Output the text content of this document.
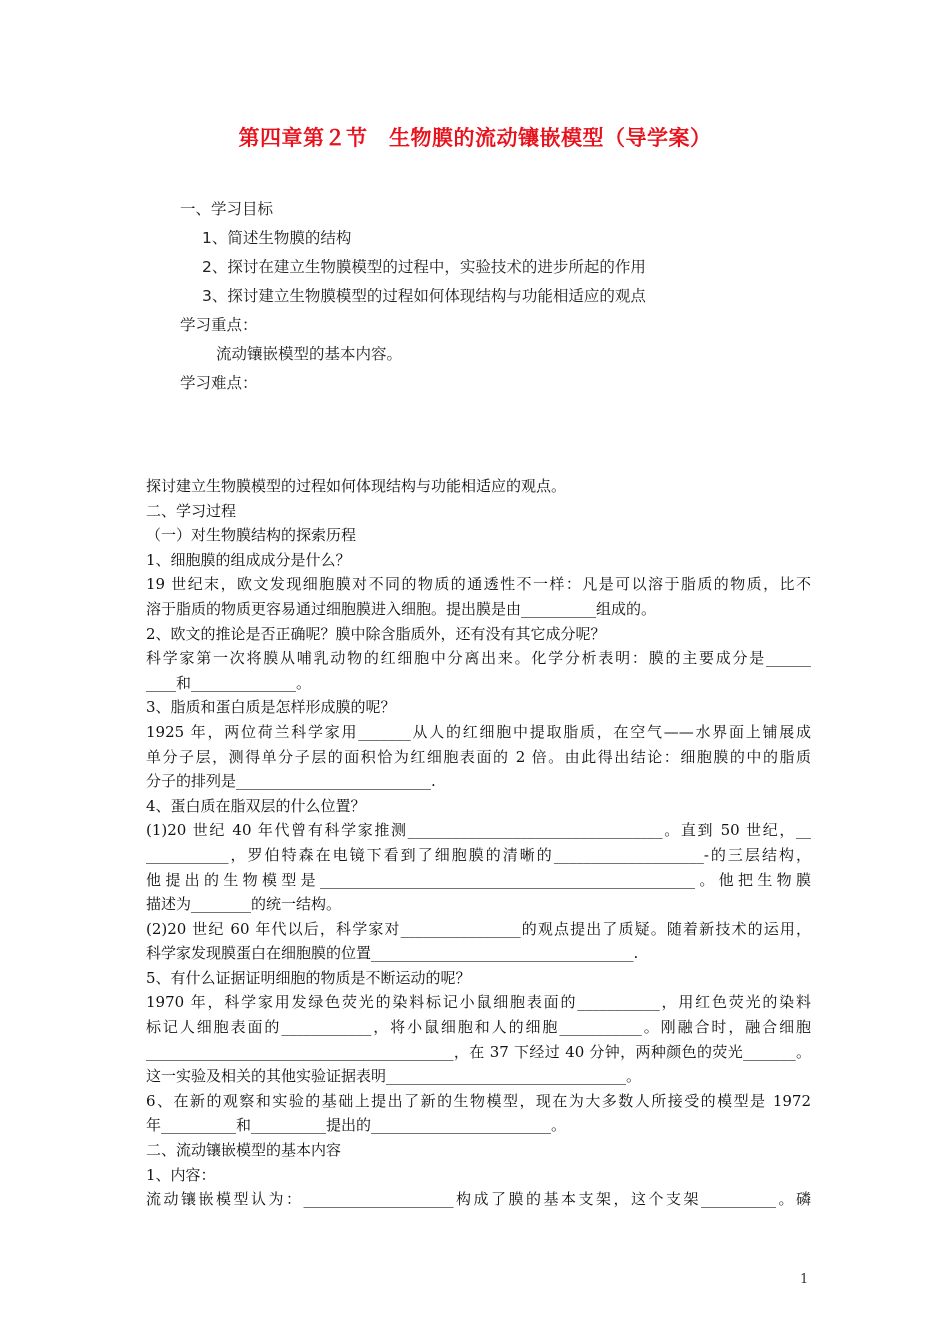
第四章第２节　生物膜的流动镶嵌模型（导学案）
一、学习目标
1、简述生物膜的结构
2、探讨在建立生物膜模型的过程中，实验技术的进步所起的作用
3、探讨建立生物膜模型的过程如何体现结构与功能相适应的观点
学习重点：
流动镶嵌模型的基本内容。
学习难点：
探讨建立生物膜模型的过程如何体现结构与功能相适应的观点。
二、学习过程
（一）对生物膜结构的探索历程
1、细胞膜的组成成分是什么？
19 世纪末，欧文发现细胞膜对不同的物质的通透性不一样：凡是可以溶于脂质的物质，比不
溶于脂质的物质更容易通过细胞膜进入细胞。提出膜是由__________组成的。
2、欧文的推论是否正确呢？膜中除含脂质外，还有没有其它成分呢？
科学家第一次将膜从哺乳动物的红细胞中分离出来。化学分析表明：膜的主要成分是______
____和______________。
3、脂质和蛋白质是怎样形成膜的呢？
1925 年，两位荷兰科学家用_______从人的红细胞中提取脂质，在空气——水界面上铺展成
单分子层，测得单分子层的面积恰为红细胞表面的 2 倍。由此得出结论：细胞膜的中的脂质
分子的排列是__________________________.
4、蛋白质在脂双层的什么位置？
(1)20 世纪 40 年代曾有科学家推测__________________________________。直到 50 世纪，__
___________，罗伯特森在电镜下看到了细胞膜的清晰的____________________-的三层结构，
他提出的生物模型是__________________________________________________。他把生物膜
描述为________的统一结构。
(2)20 世纪 60 年代以后，科学家对________________的观点提出了质疑。随着新技术的运用，
科学家发现膜蛋白在细胞膜的位置___________________________________.
5、有什么证据证明细胞的物质是不断运动的呢？
1970 年，科学家用发绿色荧光的染料标记小鼠细胞表面的___________，用红色荧光的染料
标记人细胞表面的____________，将小鼠细胞和人的细胞___________。刚融合时，融合细胞
_________________________________________，在 37 下经过 40 分钟，两种颜色的荧光_______。
这一实验及相关的其他实验证据表明________________________________。
6、在新的观察和实验的基础上提出了新的生物模型，现在为大多数人所接受的模型是 1972
年__________和__________提出的________________________。
二、流动镶嵌模型的基本内容
1、内容：
流动镶嵌模型认为：____________________构成了膜的基本支架，这个支架__________。磷
1
